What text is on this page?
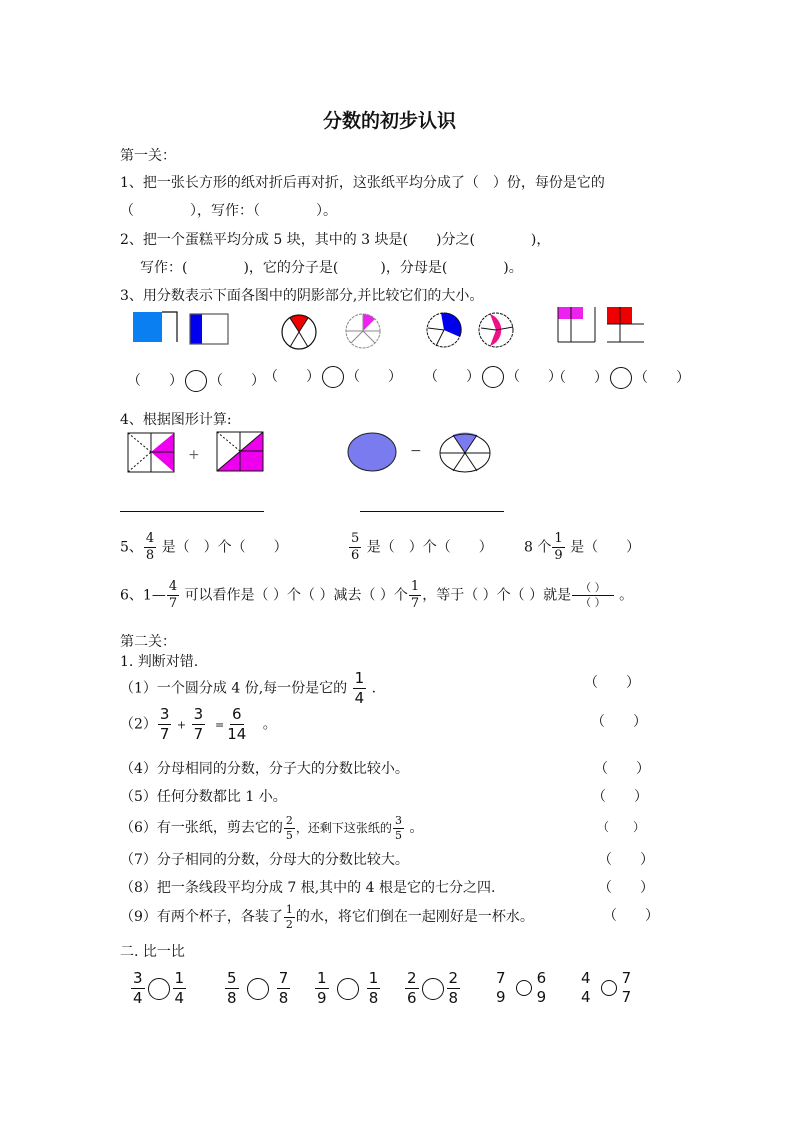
分数的初步认识
第一关：
1、把一张长方形的纸对折后再对折，这张纸平均分成了（　）份，每份是它的
（　　　　），写作：（　　　　）。
2、把一个蛋糕平均分成 5 块，其中的 3 块是(　　)分之(　　　　)，
写作：(　　　　)，它的分子是(　　　)，分母是(　　　　)。
3、用分数表示下面各图中的阴影部分,并比较它们的大小。
（　　） （　　） （　　） （　　） （　　） （　　）
（　　） （　　）
4、根据图形计算:
+	−
5、 $\frac{4}{8}$ 是（　）个（　　）	$\frac{5}{6}$ 是（　）个（　　） 8 个 $\frac{1}{9}$ 是（　　）
6、1— $\frac{4}{7}$ 可以看作是（ ）个（ ）减去（ ）个 $\frac{1}{7}$ ，等于（ ）个（ ）就是 $\frac{( )}{( )}$ 。
第二关：
1. 判断对错.
（1）一个圆分成 4 份,每一份是它的 $\frac{1}{4}$ .	（　　）
$(2) \frac{3}{7} + \frac{3}{7} = \frac{6}{14}$ 。	（　　）
（4）分母相同的分数，分子大的分数比较小。	（　　）
（5）任何分数都比 1 小。	（　　）
（6）有一张纸，剪去它的 $\frac{2}{5}$ ，还剩下这张纸的 $\frac{3}{5}$ 。	（　　）
（7）分子相同的分数，分母大的分数比较大。	（　　）
（8）把一条线段平均分成 7 根,其中的 4 根是它的七分之四.	（　　）
（9）有两个杯子，各装了 $\frac{1}{2}$ 的水，将它们倒在一起刚好是一杯水。	（　　）
二. 比一比
$\frac{3}{4} \frac{1}{4}$	$\frac{5}{8}$
	$\frac{7}{8} \frac{1}{9}$
	$\frac{1}{8} \frac{2}{6} \frac{2}{8} 7$
9

6
9
4
4

7
7
